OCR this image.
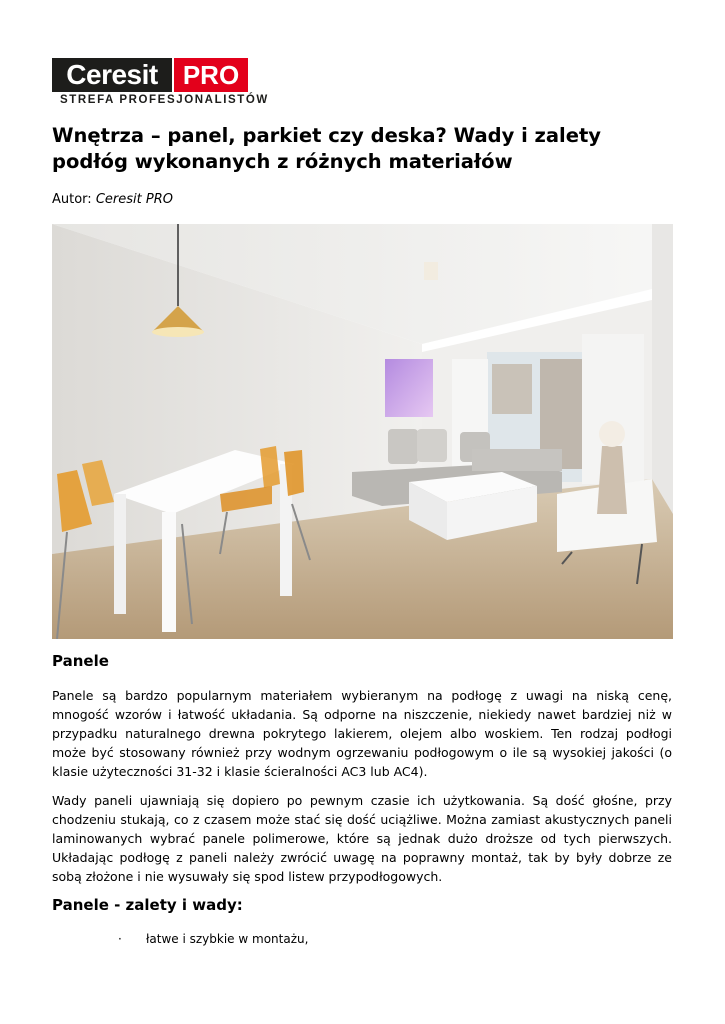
Ceresit PRO
STREFA PROFESJONALISTÓW
Wnętrza – panel, parkiet czy deska? Wady i zalety podłóg wykonanych z różnych materiałów
Autor: Ceresit PRO
Panele

Panele są bardzo popularnym materiałem wybieranym na podłogę z uwagi na niską cenę, mnogość wzorów i łatwość układania. Są odporne na niszczenie, niekiedy nawet bardziej niż w przypadku naturalnego drewna pokrytego lakierem, olejem albo woskiem. Ten rodzaj podłogi może być stosowany również przy wodnym ogrzewaniu podłogowym o ile są wysokiej jakości (o klasie użyteczności 31-32 i klasie ścieralności AC3 lub AC4).

Wady paneli ujawniają się dopiero po pewnym czasie ich użytkowania. Są dość głośne, przy chodzeniu stukają, co z czasem może stać się dość uciążliwe. Można zamiast akustycznych paneli laminowanych wybrać panele polimerowe, które są jednak dużo droższe od tych pierwszych. Układając podłogę z paneli należy zwrócić uwagę na poprawny montaż, tak by były dobrze ze sobą złożone i nie wysuwały się spod listew przypodłogowych.

Panele - zalety i wady:
· łatwe i szybkie w montażu,
